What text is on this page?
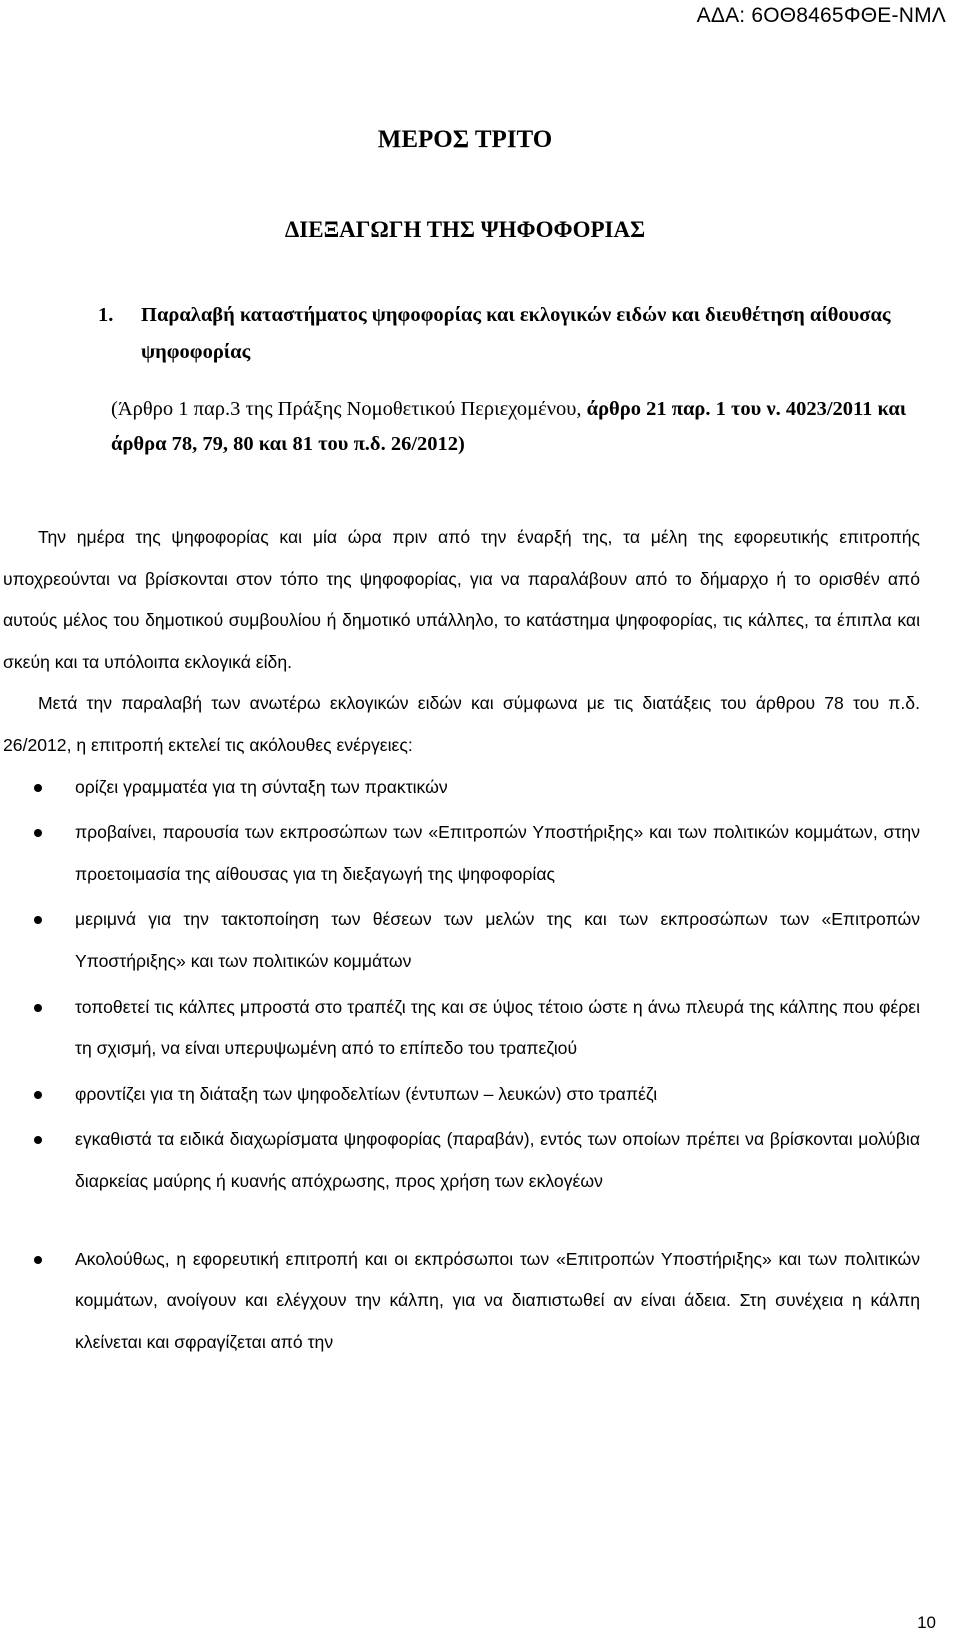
ΑΔΑ: 6ΟΘ8465ΦΘΕ-ΝΜΛ
ΜΕΡΟΣ ΤΡΙΤΟ
ΔΙΕΞΑΓΩΓΗ ΤΗΣ ΨΗΦΟΦΟΡΙΑΣ
1.	Παραλαβή καταστήματος ψηφοφορίας και εκλογικών ειδών και διευθέτηση αίθουσας ψηφοφορίας
(Άρθρο 1 παρ.3 της Πράξης Νομοθετικού Περιεχομένου, άρθρο 21 παρ. 1 του ν. 4023/2011 και άρθρα 78, 79, 80 και 81 του π.δ. 26/2012)

Την ημέρα της ψηφοφορίας και μία ώρα πριν από την έναρξή της, τα μέλη της εφορευτικής επιτροπής υποχρεούνται να βρίσκονται στον τόπο της ψηφοφορίας, για να παραλάβουν από το δήμαρχο ή το ορισθέν από αυτούς μέλος του δημοτικού συμβουλίου ή δημοτικό υπάλληλο, το κατάστημα ψηφοφορίας, τις κάλπες, τα έπιπλα και σκεύη και τα υπόλοιπα εκλογικά είδη.

Μετά την παραλαβή των ανωτέρω εκλογικών ειδών και σύμφωνα με τις διατάξεις του άρθρου 78 του π.δ. 26/2012, η επιτροπή εκτελεί τις ακόλουθες ενέργειες:

ορίζει γραμματέα για τη σύνταξη των πρακτικών
προβαίνει, παρουσία των εκπροσώπων των «Επιτροπών Υποστήριξης» και των πολιτικών κομμάτων, στην προετοιμασία της αίθουσας για τη διεξαγωγή της ψηφοφορίας
μεριμνά για την τακτοποίηση των θέσεων των μελών της και των εκπροσώπων των «Επιτροπών Υποστήριξης» και των πολιτικών κομμάτων
τοποθετεί τις κάλπες μπροστά στο τραπέζι της και σε ύψος τέτοιο ώστε η άνω πλευρά της κάλπης που φέρει τη σχισμή, να είναι υπερυψωμένη από το επίπεδο του τραπεζιού
φροντίζει για τη διάταξη των ψηφοδελτίων (έντυπων – λευκών) στο τραπέζι
εγκαθιστά τα ειδικά διαχωρίσματα ψηφοφορίας (παραβάν), εντός των οποίων πρέπει να βρίσκονται μολύβια διαρκείας μαύρης ή κυανής απόχρωσης, προς χρήση των εκλογέων
Ακολούθως, η εφορευτική επιτροπή και οι εκπρόσωποι των «Επιτροπών Υποστήριξης» και των πολιτικών κομμάτων, ανοίγουν και ελέγχουν την κάλπη, για να διαπιστωθεί αν είναι άδεια. Στη συνέχεια η κάλπη κλείνεται και σφραγίζεται από την
10
